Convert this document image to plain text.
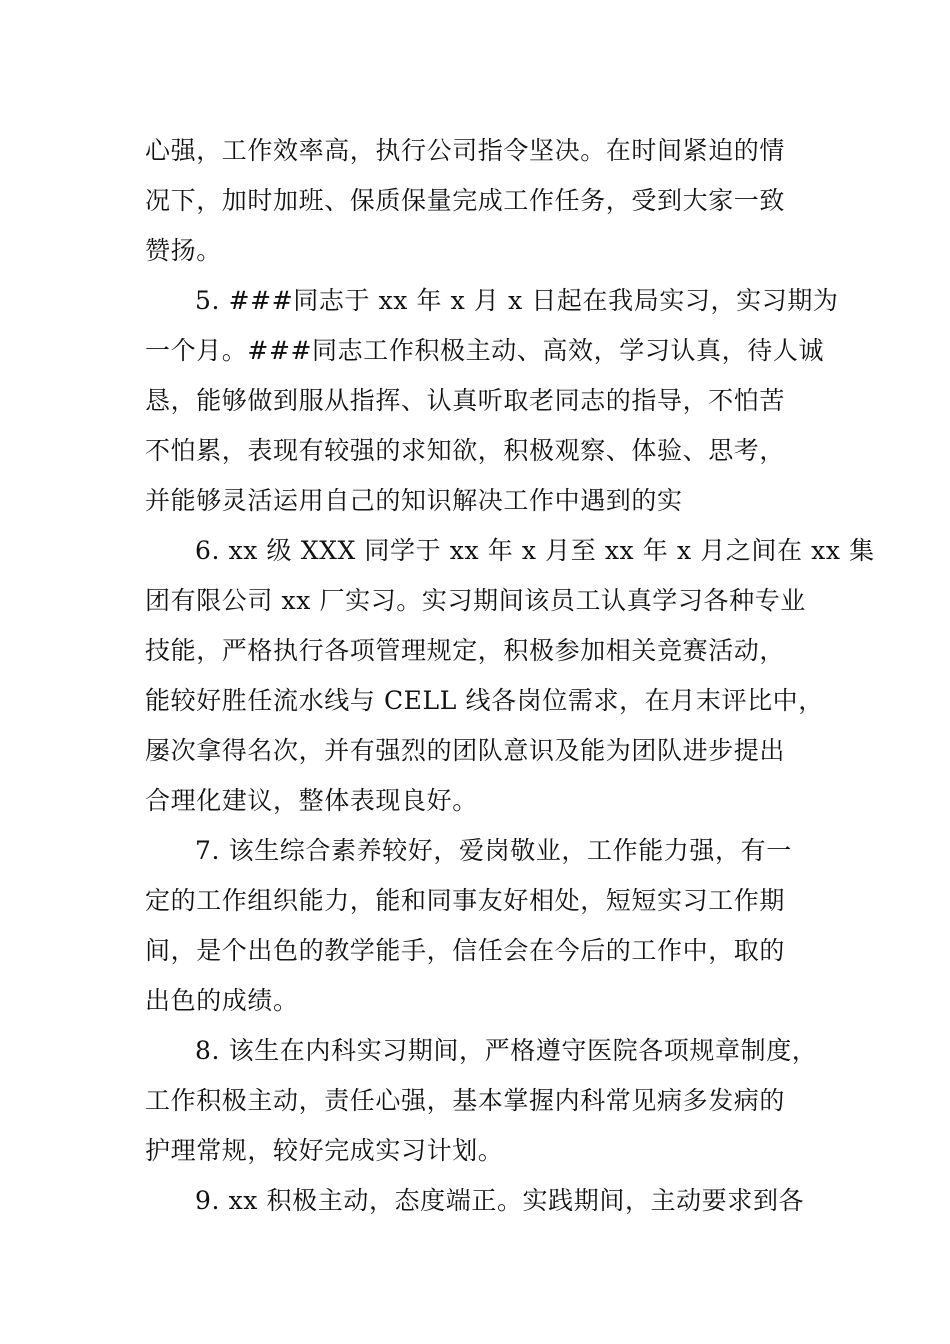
心强，工作效率高，执行公司指令坚决。在时间紧迫的情
况下，加时加班、保质保量完成工作任务，受到大家一致
赞扬。
5. ###同志于 xx 年 x 月 x 日起在我局实习，实习期为
一个月。###同志工作积极主动、高效，学习认真，待人诚
恳，能够做到服从指挥、认真听取老同志的指导，不怕苦
不怕累，表现有较强的求知欲，积极观察、体验、思考，
并能够灵活运用自己的知识解决工作中遇到的实
6. xx 级 XXX 同学于 xx 年 x 月至 xx 年 x 月之间在 xx 集
团有限公司 xx 厂实习。实习期间该员工认真学习各种专业
技能，严格执行各项管理规定，积极参加相关竞赛活动，
能较好胜任流水线与 CELL 线各岗位需求，在月末评比中，
屡次拿得名次，并有强烈的团队意识及能为团队进步提出
合理化建议，整体表现良好。
7. 该生综合素养较好，爱岗敬业，工作能力强，有一
定的工作组织能力，能和同事友好相处，短短实习工作期
间，是个出色的教学能手，信任会在今后的工作中，取的
出色的成绩。
8. 该生在内科实习期间，严格遵守医院各项规章制度，
工作积极主动，责任心强，基本掌握内科常见病多发病的
护理常规，较好完成实习计划。
9. xx 积极主动，态度端正。实践期间，主动要求到各
